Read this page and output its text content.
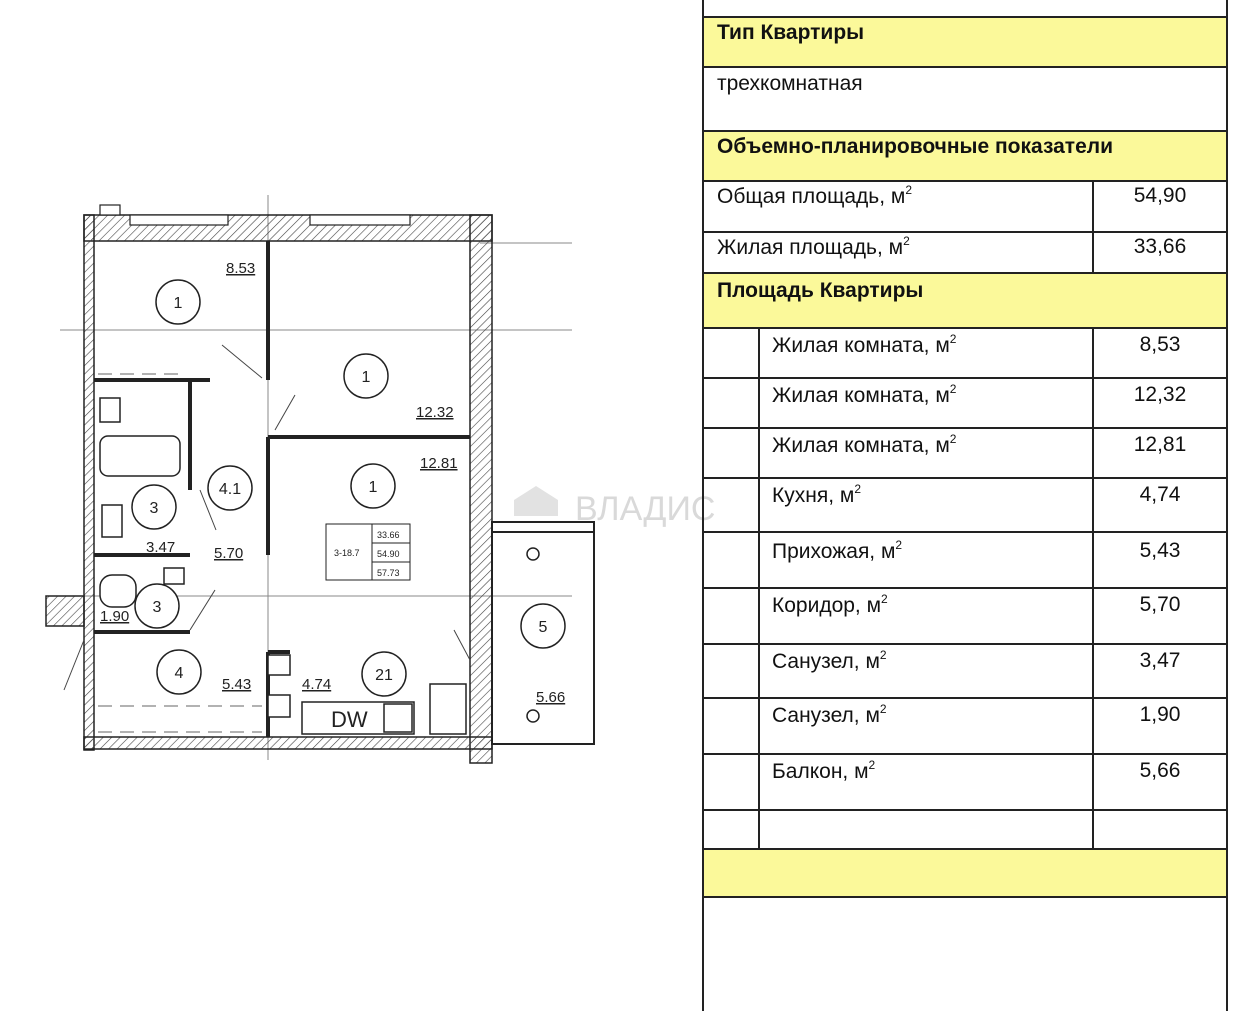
1
1
1
3
4.1
3
4	21
5
8.53
12.32
12.81
3.47	5.70
1.90
5.43	4.74
5.66
3-18.7
33.66
54.90
57.73
DW
ВЛАДИС
Тип Квартиры
трехкомнатная
Объемно-планировочные показатели
Общая площадь, $м^2$	54,90
Жилая площадь, $м^2$	33,66
Площадь Квартиры
Жилая комната, $м^2$	8,53
Жилая комната, $м^2$	12,32
Жилая комната, $м^2$	12,81
Кухня, $м^2$	4,74
Прихожая, $м^2$	5,43
Коридор, $м^2$	5,70
Санузел, $м^2$	3,47
Санузел, $м^2$	1,90
Балкон, $м^2$	5,66
